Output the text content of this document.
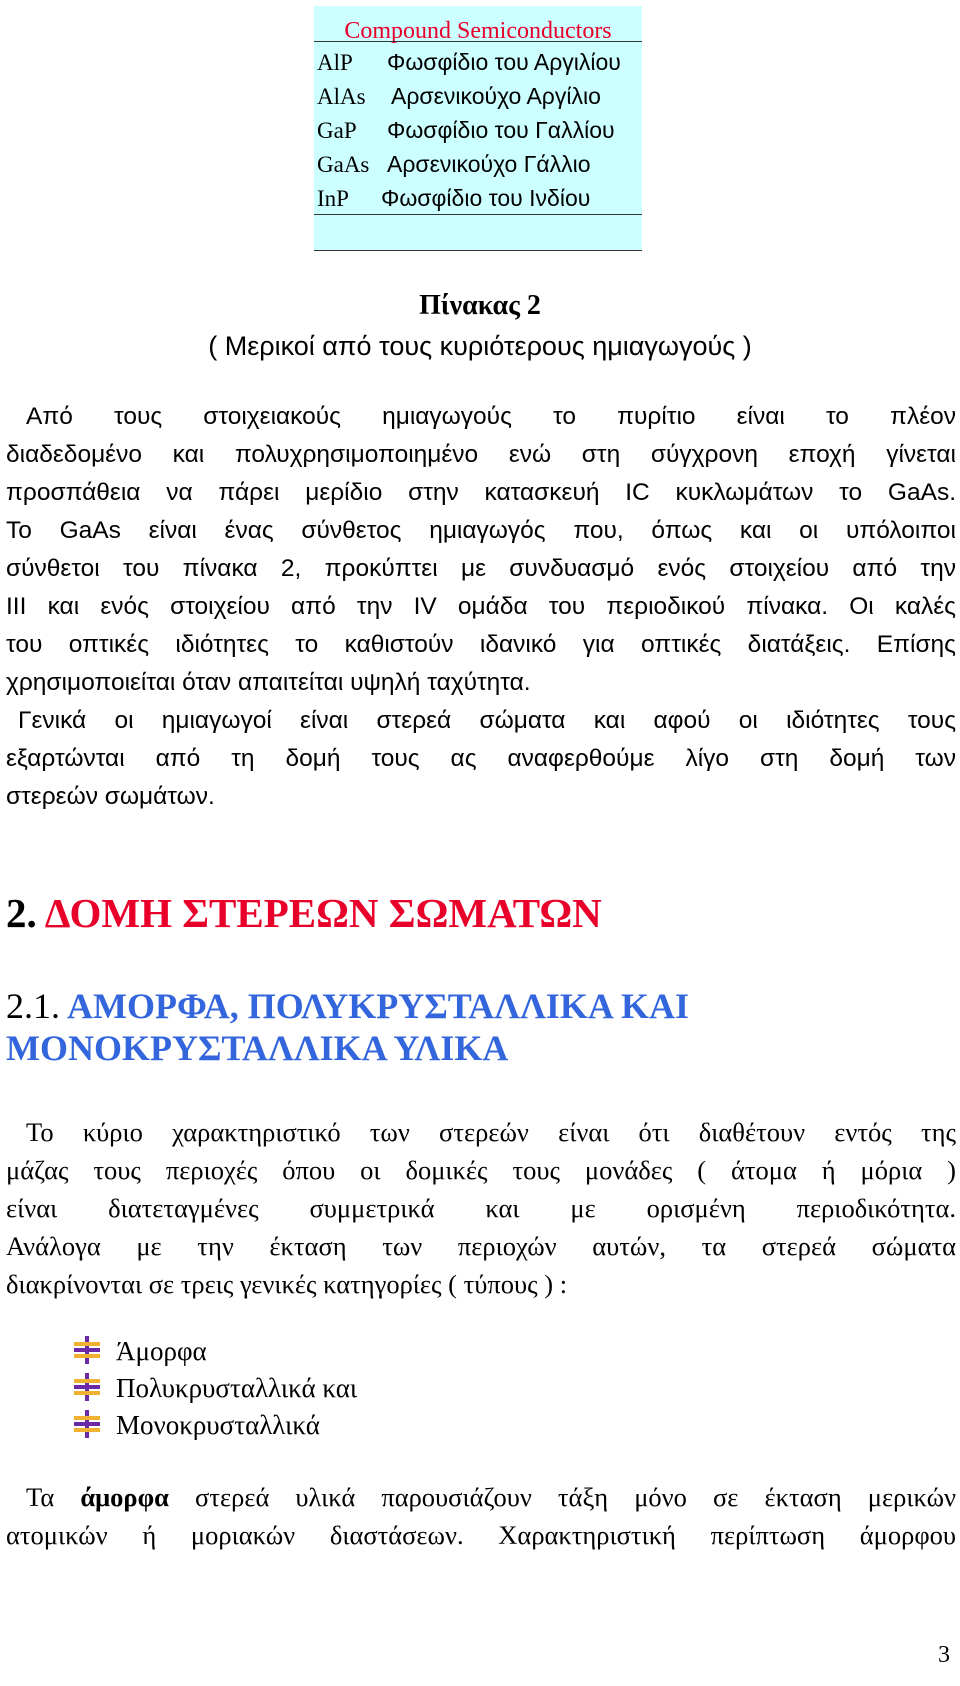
Compound Semiconductors
AlP Φωσφίδιο του Αργιλίου
AlAs Αρσενικούχο Αργίλιο
GaP Φωσφίδιο του Γαλλίου
GaAs Αρσενικούχο Γάλλιο
InP Φωσφίδιο του Ινδίου
Πίνακας 2
( Μερικοί από τους κυριότερους ημιαγωγούς )
Από τους στοιχειακούς ημιαγωγούς το πυρίτιο είναι το πλέον
διαδεδομένο και πολυχρησιμοποιημένο ενώ στη σύγχρονη εποχή γίνεται
προσπάθεια να πάρει μερίδιο στην κατασκευή IC κυκλωμάτων το GaAs.
Το GaAs είναι ένας σύνθετος ημιαγωγός που, όπως και οι υπόλοιποι
σύνθετοι του πίνακα 2, προκύπτει με συνδυασμό ενός στοιχείου από την
III και ενός στοιχείου από την IV ομάδα του περιοδικού πίνακα. Οι καλές
του οπτικές ιδιότητες το καθιστούν ιδανικό για οπτικές διατάξεις. Επίσης
χρησιμοποιείται όταν απαιτείται υψηλή ταχύτητα.
Γενικά οι ημιαγωγοί είναι στερεά σώματα και αφού οι ιδιότητες τους
εξαρτώνται από τη δομή τους ας αναφερθούμε λίγο στη δομή των
στερεών σωμάτων.
2. ΔΟΜΗ ΣΤΕΡΕΩΝ ΣΩΜΑΤΩΝ
2.1. ΑΜΟΡΦΑ, ΠΟΛΥΚΡΥΣΤΑΛΛΙΚΑ ΚΑΙ
ΜΟΝΟΚΡΥΣΤΑΛΛΙΚΑ ΥΛΙΚΑ
Το κύριο χαρακτηριστικό των στερεών είναι ότι διαθέτουν εντός της
μάζας τους περιοχές όπου οι δομικές τους μονάδες ( άτομα ή μόρια )
είναι διατεταγμένες συμμετρικά και με ορισμένη περιοδικότητα.
Ανάλογα με την έκταση των περιοχών αυτών, τα στερεά σώματα
διακρίνονται σε τρεις γενικές κατηγορίες ( τύπους ) :
Άμορφα
Πολυκρυσταλλικά και
Μονοκρυσταλλικά
Τα άμορφα στερεά υλικά παρουσιάζουν τάξη μόνο σε έκταση μερικών
ατομικών ή μοριακών διαστάσεων. Χαρακτηριστική περίπτωση άμορφου
3
